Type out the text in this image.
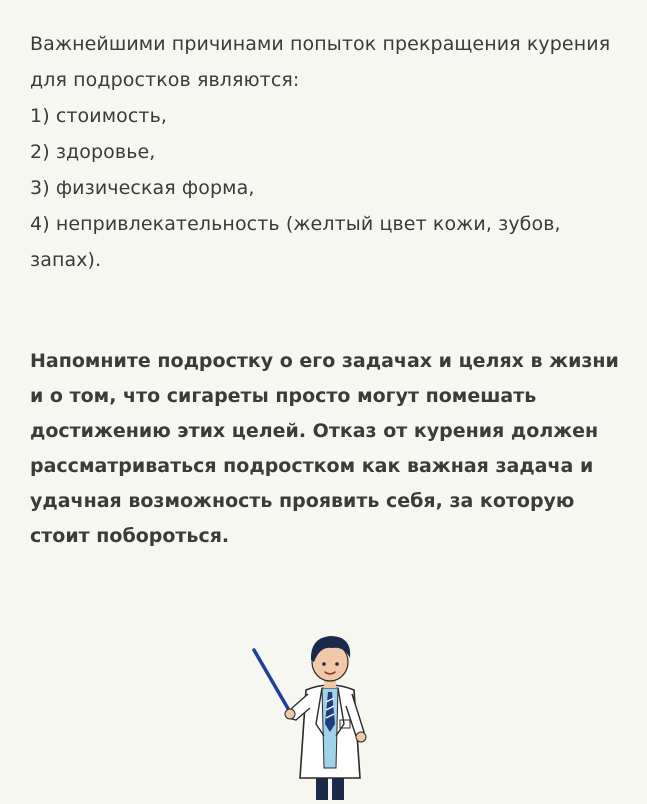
Важнейшими причинами попыток прекращения курения для подростков являются:

1) стоимость,
2) здоровье,
3) физическая форма,
4) непривлекательность (желтый цвет кожи, зубов, запах).

Напомните подростку о его задачах и целях в жизни и о том, что сигареты просто могут помешать достижению этих целей. Отказ от курения должен рассматриваться подростком как важная задача и удачная возможность проявить себя, за которую стоит побороться.
